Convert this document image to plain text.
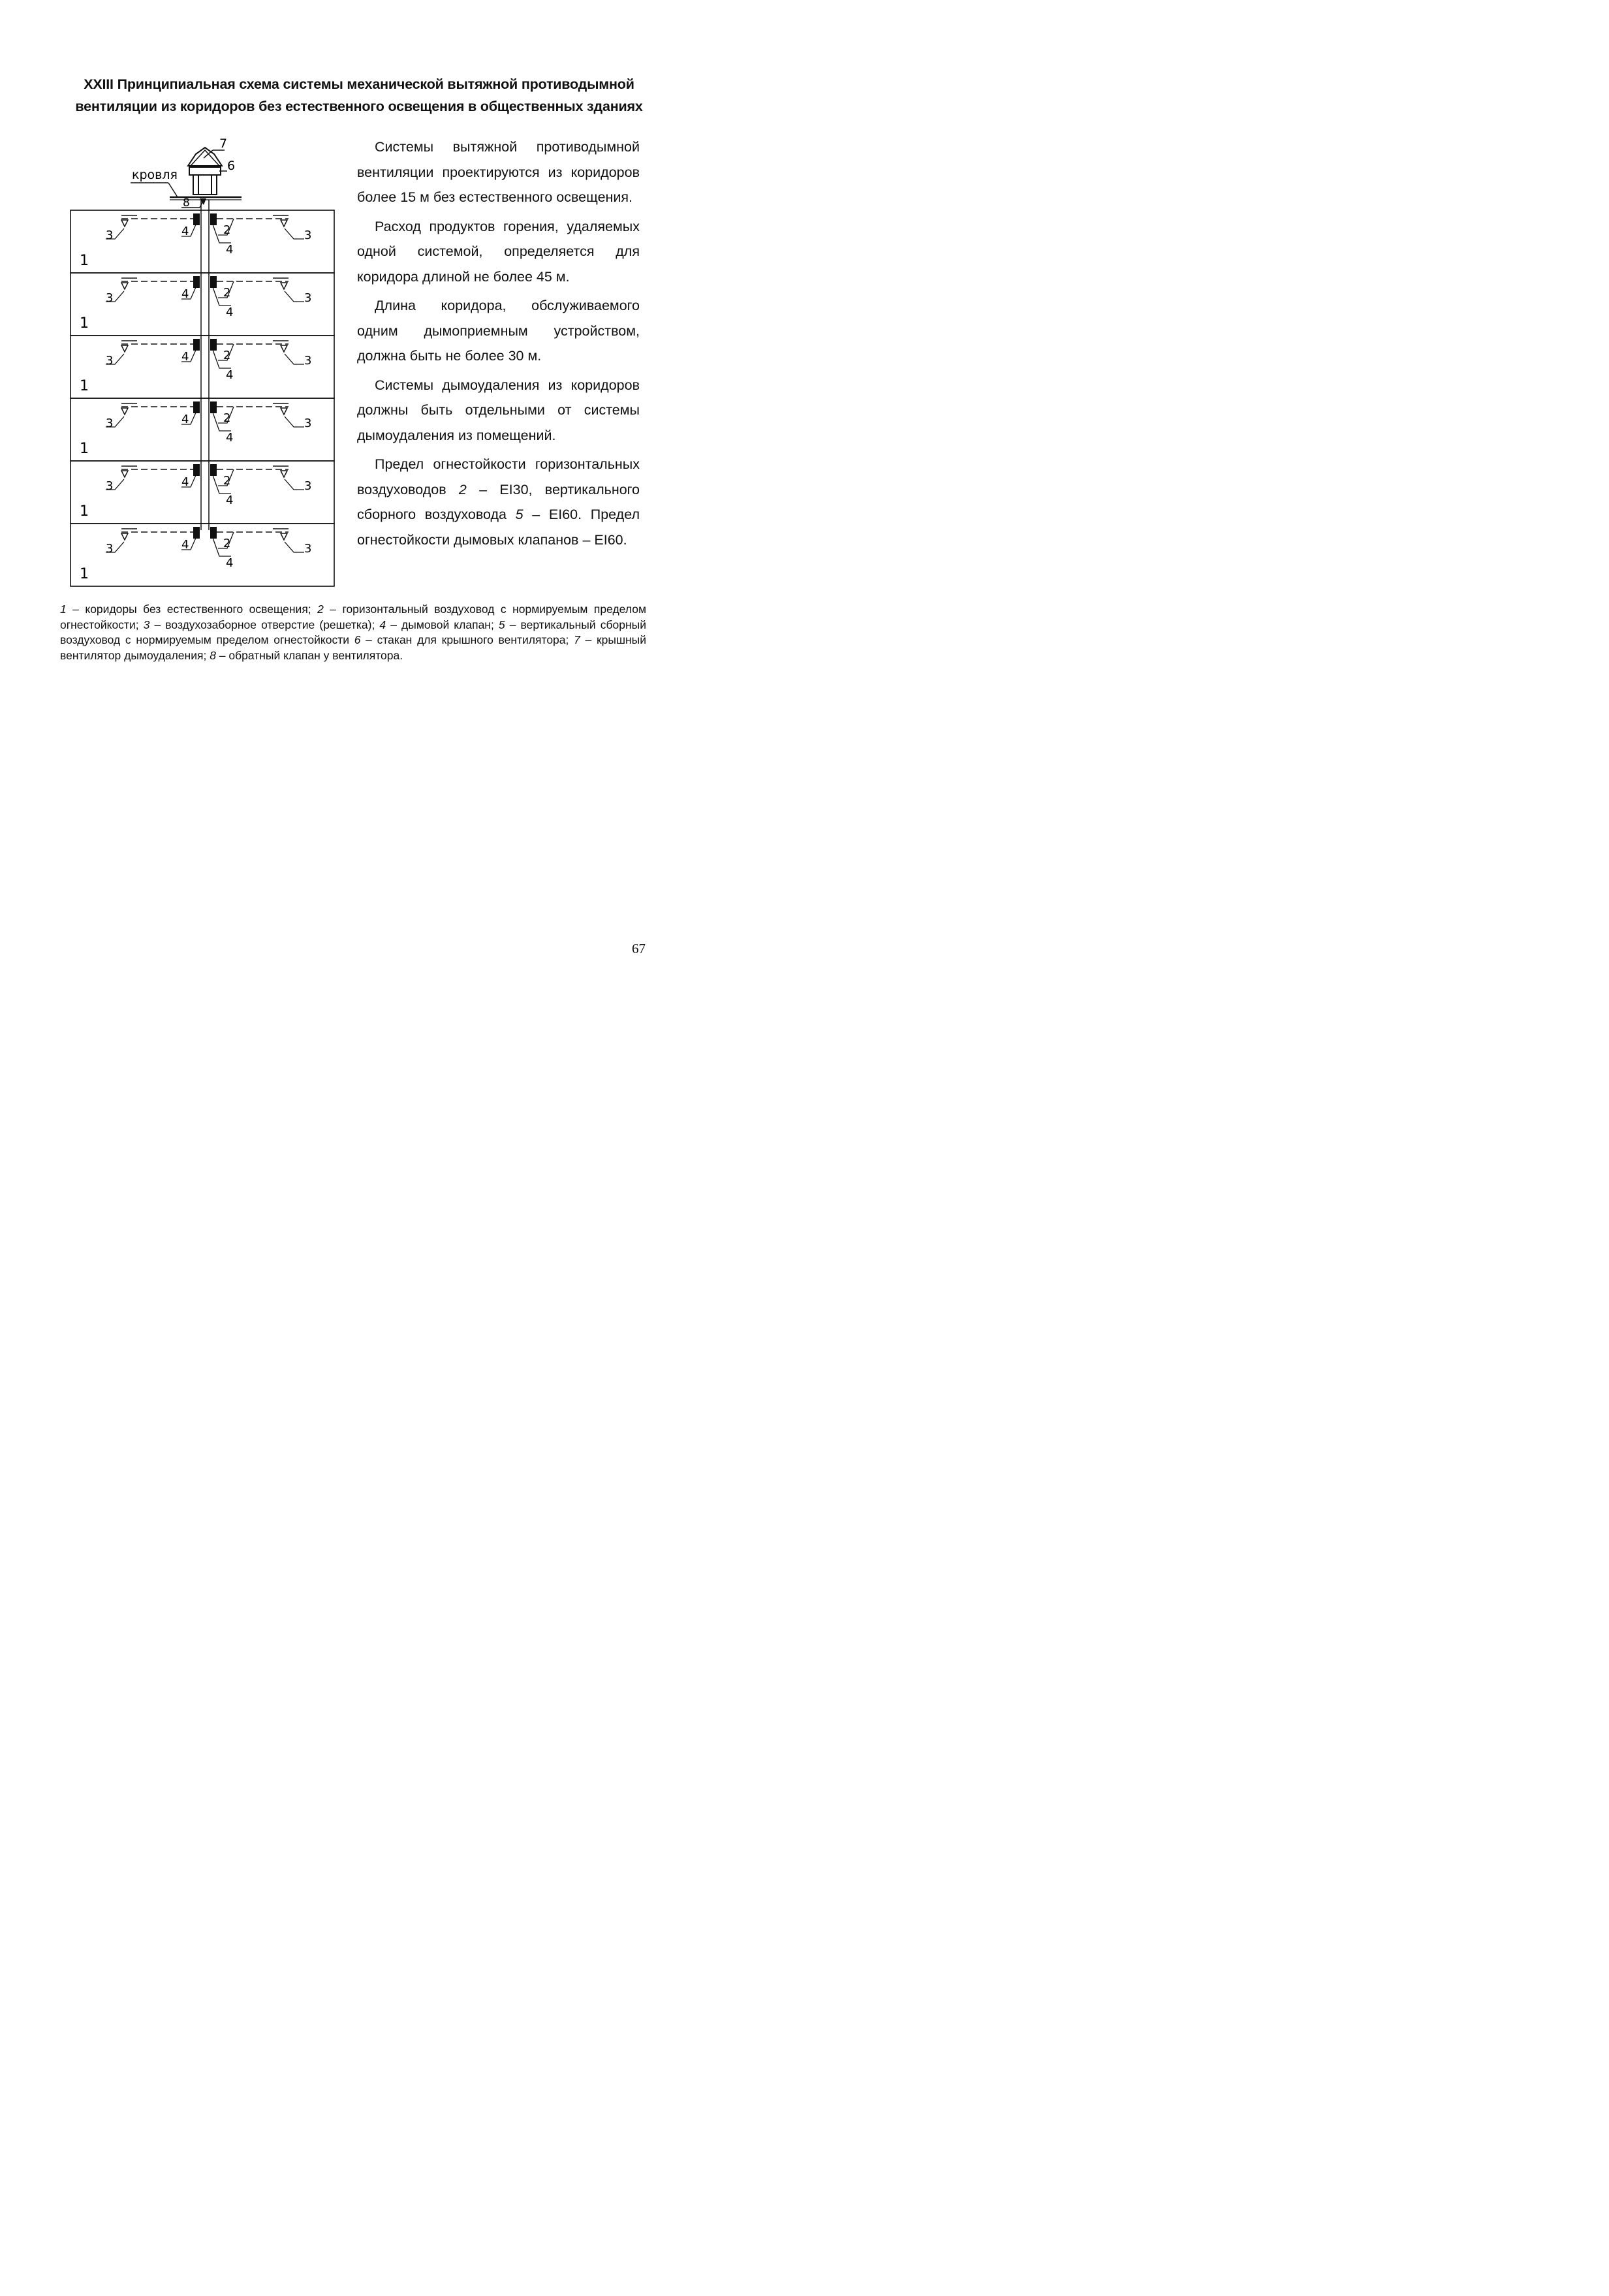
XXIII Принципиальная схема системы механической вытяжной противодымной
вентиляции из коридоров без естественного освещения в общественных зданиях
7
6
кровля
8
3	3
4
4
2
1
3	3
4
4
2
1
3	3
4
4
2
1
3	3
4
4
2
1
3	3
4
4
2
1
3	3
4
4
2
1

Системы вытяжной противодымной вентиляции проектируются из коридоров более 15 м без естественного освещения.

Расход продуктов горения, удаляемых одной системой, определяется для коридора длиной не более 45 м.

Длина коридора, обслуживаемого одним дымоприемным устройством, должна быть не более 30 м.

Системы дымоудаления из коридоров должны быть отдельными от системы дымоудаления из помещений.

Предел огнестойкости горизонтальных воздуховодов 2 – EI30, вертикального сборного воздуховода 5 – EI60. Предел огнестойкости дымовых клапанов – EI60.

1 – коридоры без естественного освещения; 2 – горизонтальный воздуховод с нормируемым пределом огнестойкости; 3 – воздухозаборное отверстие (решетка); 4 – дымовой клапан; 5 – вертикальный сборный воздуховод с нормируемым пределом огнестойкости 6 – стакан для крышного вентилятора; 7 – крышный вентилятор дымоудаления; 8 – обратный клапан у вентилятора.
67
